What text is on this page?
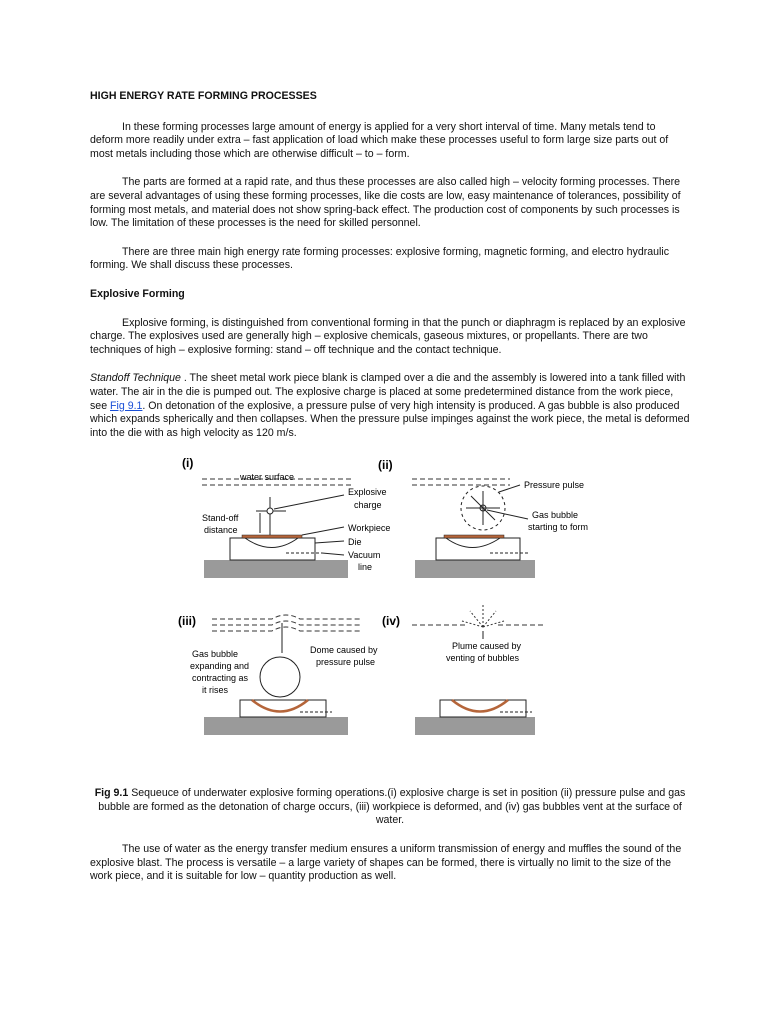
HIGH ENERGY RATE FORMING PROCESSES

In these forming processes large amount of energy is applied for a very short interval of time. Many metals tend to deform more readily under extra – fast application of load which make these processes useful to form large size parts out of most metals including those which are otherwise difficult – to – form.

The parts are formed at a rapid rate, and thus these processes are also called high – velocity forming processes. There are several advantages of using these forming processes, like die costs are low, easy maintenance of tolerances, possibility of forming most metals, and material does not show spring-back effect. The production cost of components by such processes is low. The limitation of these processes is the need for skilled personnel.

There are three main high energy rate forming processes: explosive forming, magnetic forming, and electro hydraulic forming. We shall discuss these processes.

Explosive Forming

Explosive forming, is distinguished from conventional forming in that the punch or diaphragm is replaced by an explosive charge. The explosives used are generally high – explosive chemicals, gaseous mixtures, or propellants. There are two techniques of high – explosive forming: stand – off technique and the contact technique.

Standoff Technique . The sheet metal work piece blank is clamped over a die and the assembly is lowered into a tank filled with water. The air in the die is pumped out. The explosive charge is placed at some predetermined distance from the work piece, see Fig 9.1. On detonation of the explosive, a pressure pulse of very high intensity is produced. A gas bubble is also produced which expands spherically and then collapses. When the pressure pulse impinges against the work piece, the metal is deformed into the die with as high velocity as 120 m/s.

(i)
water surface
Stand-off
distance
Explosive
charge
Workpiece
Die
Vacuum
line
(ii)
Pressure pulse
Gas bubble
starting to form
(iii)
Gas bubble
expanding and
contracting as
it rises
Dome caused by
pressure pulse
(iv)
Plume caused by
venting of bubbles

Fig 9.1 Sequeuce of underwater explosive forming operations.(i) explosive charge is set in position (ii) pressure pulse and gas bubble are formed as the detonation of charge occurs, (iii) workpiece is deformed, and (iv) gas bubbles vent at the surface of water.

The use of water as the energy transfer medium ensures a uniform transmission of energy and muffles the sound of the explosive blast. The process is versatile – a large variety of shapes can be formed, there is virtually no limit to the size of the work piece, and it is suitable for low – quantity production as well.
